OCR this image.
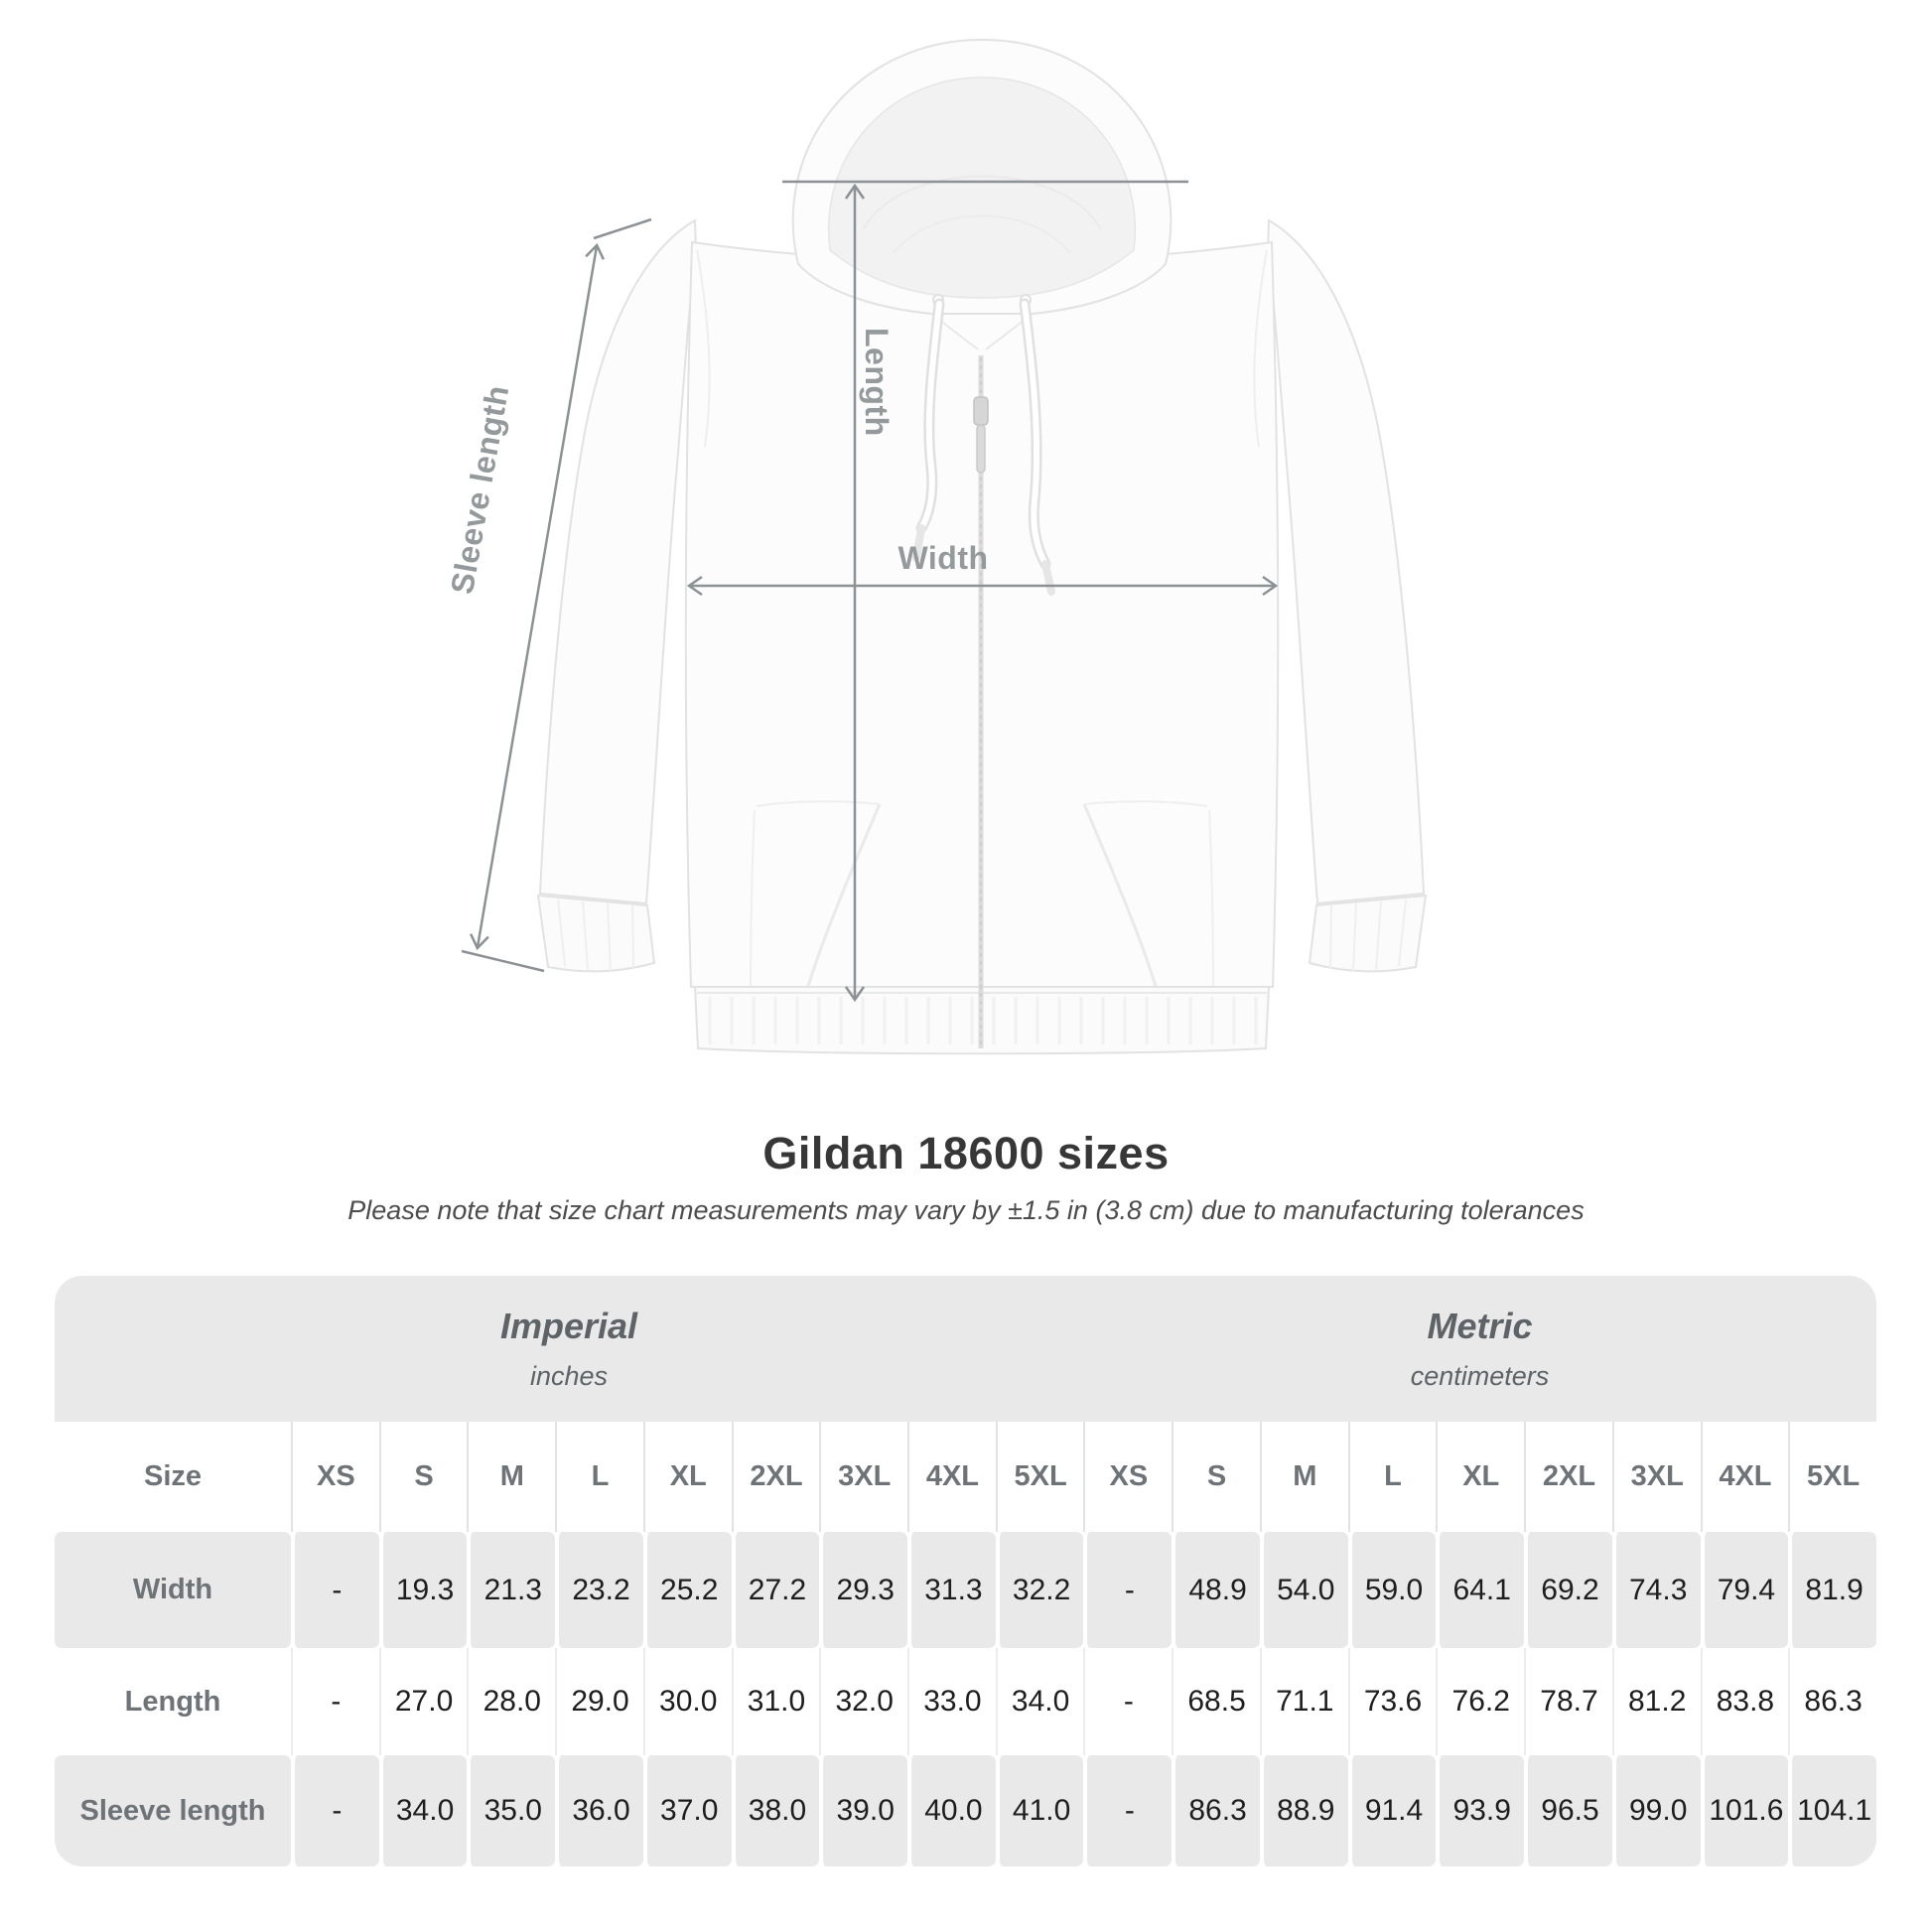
Length
Width
Sleeve length
Gildan 18600 sizes
Please note that size chart measurements may vary by ±1.5 in (3.8 cm) due to manufacturing tolerances
Imperial
inches
Metric
centimeters
Size	XS	S	M	L	XL	2XL	3XL	4XL	5XL	XS	S	M	L	XL	2XL	3XL	4XL	5XL
Width	-	19.3	21.3	23.2	25.2	27.2	29.3	31.3	32.2	-	48.9	54.0	59.0	64.1	69.2	74.3	79.4	81.9
Length	-	27.0	28.0	29.0	30.0	31.0	32.0	33.0	34.0	-	68.5	71.1	73.6	76.2	78.7	81.2	83.8	86.3
Sleeve length	-	34.0	35.0	36.0	37.0	38.0	39.0	40.0	41.0	-	86.3	88.9	91.4	93.9	96.5	99.0 101.6 104.1
